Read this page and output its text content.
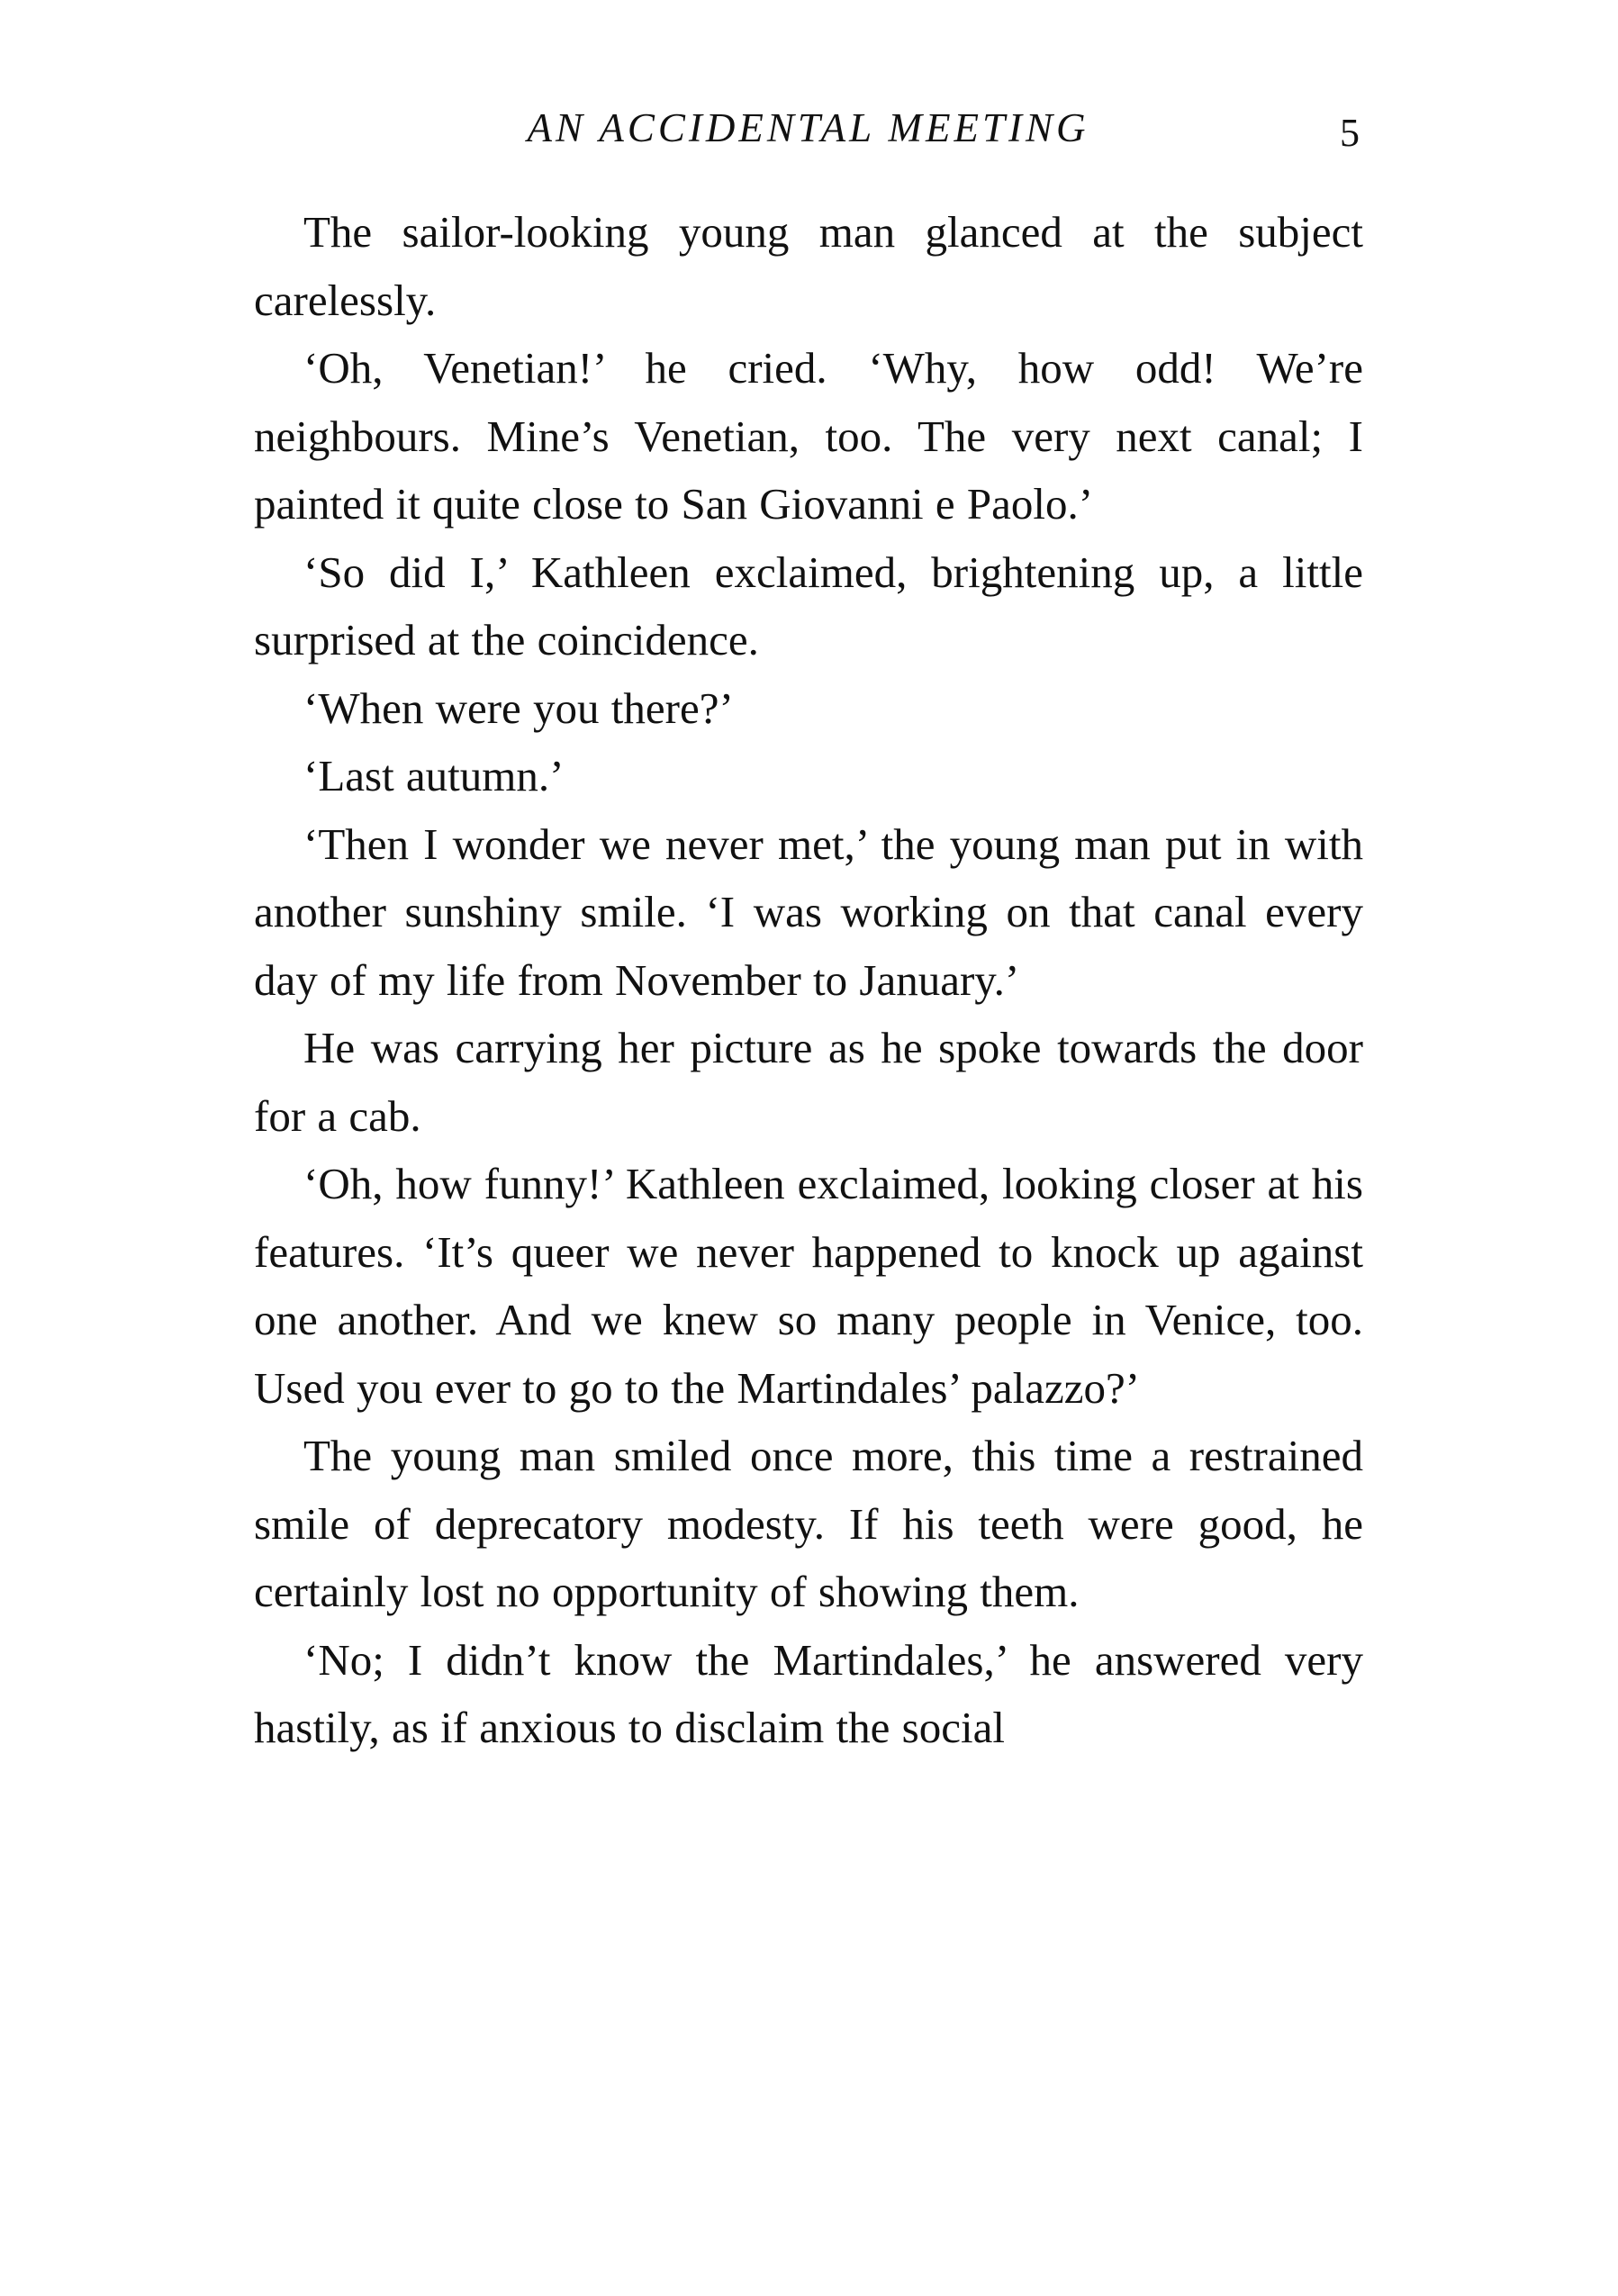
AN ACCIDENTAL MEETING	5

The sailor-looking young man glanced at the subject carelessly.

‘Oh, Venetian!’ he cried. ‘Why, how odd! We’re neighbours. Mine’s Venetian, too. The very next canal; I painted it quite close to San Giovanni e Paolo.’

‘So did I,’ Kathleen exclaimed, brightening up, a little surprised at the coincidence.

‘When were you there?’

‘Last autumn.’

‘Then I wonder we never met,’ the young man put in with another sunshiny smile. ‘I was working on that canal every day of my life from November to January.’

He was carrying her picture as he spoke towards the door for a cab.

‘Oh, how funny!’ Kathleen exclaimed, looking closer at his features. ‘It’s queer we never happened to knock up against one another. And we knew so many people in Venice, too. Used you ever to go to the Martindales’ palazzo?’

The young man smiled once more, this time a restrained smile of deprecatory modesty. If his teeth were good, he certainly lost no opportunity of showing them.

‘No; I didn’t know the Martindales,’ he answered very hastily, as if anxious to disclaim the social
